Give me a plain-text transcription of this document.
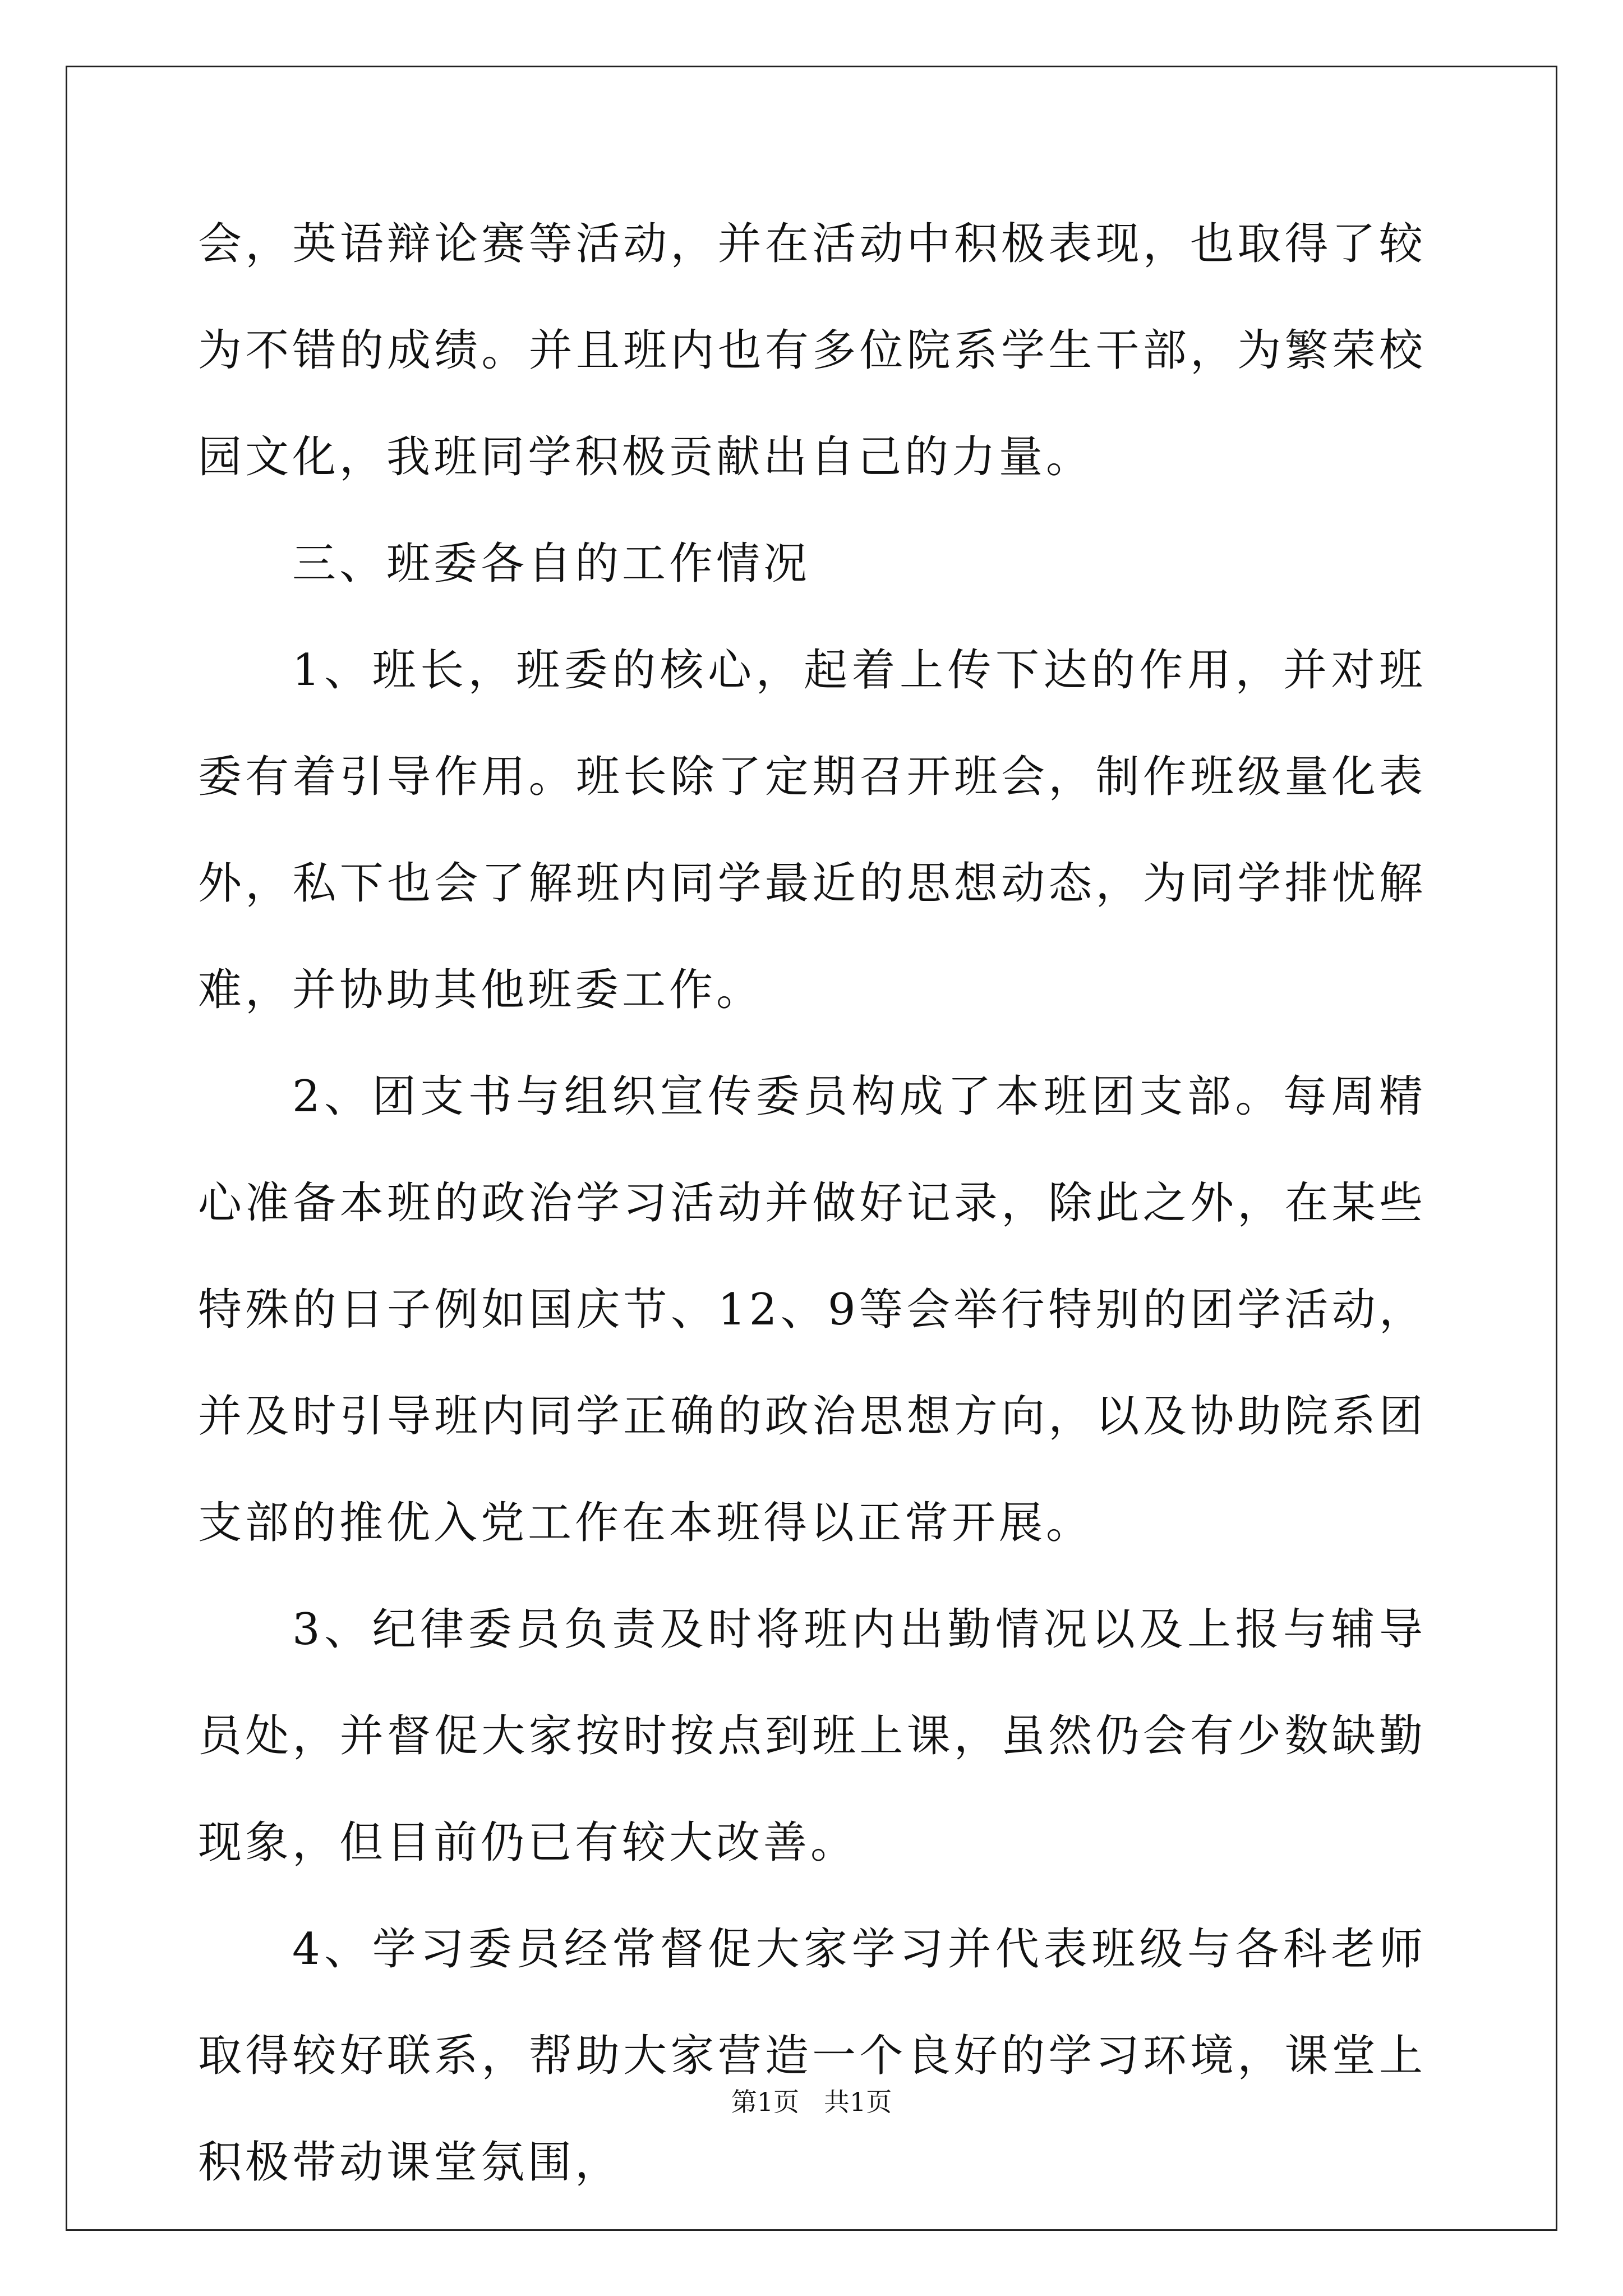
会，英语辩论赛等活动，并在活动中积极表现，也取得了较为不错的成绩。并且班内也有多位院系学生干部，为繁荣校园文化，我班同学积极贡献出自己的力量。

三、班委各自的工作情况

1、班长，班委的核心，起着上传下达的作用，并对班委有着引导作用。班长除了定期召开班会，制作班级量化表外，私下也会了解班内同学最近的思想动态，为同学排忧解难，并协助其他班委工作。

2、团支书与组织宣传委员构成了本班团支部。每周精心准备本班的政治学习活动并做好记录，除此之外，在某些特殊的日子例如国庆节、12、9等会举行特别的团学活动，并及时引导班内同学正确的政治思想方向，以及协助院系团支部的推优入党工作在本班得以正常开展。

3、纪律委员负责及时将班内出勤情况以及上报与辅导员处，并督促大家按时按点到班上课，虽然仍会有少数缺勤现象，但目前仍已有较大改善。

4、学习委员经常督促大家学习并代表班级与各科老师取得较好联系，帮助大家营造一个良好的学习环境，课堂上积极带动课堂氛围，

第1页 共1页
